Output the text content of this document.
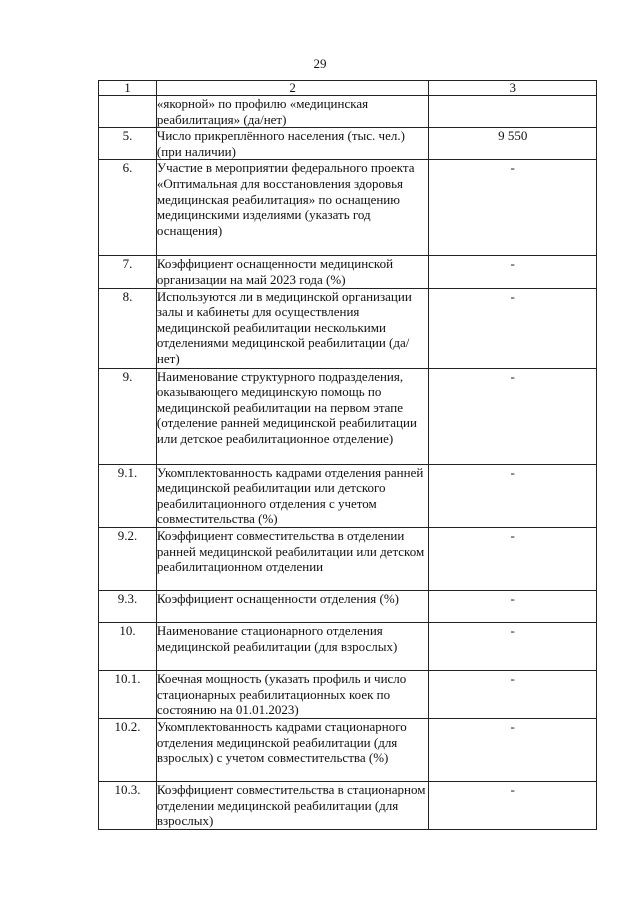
29
1	2	3
	«якорной» по профилю «медицинская реабилитация» (да/нет)	
5.	Число прикреплённого населения (тыс. чел.) (при наличии)	9 550
6.	Участие в мероприятии федерального проекта «Оптимальная для восстановления здоровья медицинская реабилитация» по оснащению медицинскими изделиями (указать год оснащения)	-
7.	Коэффициент оснащенности медицинской организации на май 2023 года (%)	-
8.	Используются ли в медицинской организации залы и кабинеты для осуществления медицинской реабилитации несколькими отделениями медицинской реабилитации (да/нет)	-
9.	Наименование структурного подразделения, оказывающего медицинскую помощь по медицинской реабилитации на первом этапе (отделение ранней медицинской реабилитации или детское реабилитационное отделение)	-
9.1.	Укомплектованность кадрами отделения ранней медицинской реабилитации или детского реабилитационного отделения с учетом совместительства (%)	-
9.2.	Коэффициент совместительства в отделении ранней медицинской реабилитации или детском реабилитационном отделении	-
9.3.	Коэффициент оснащенности отделения (%)	-
10.	Наименование стационарного отделения медицинской реабилитации (для взрослых)	-
10.1.	Коечная мощность (указать профиль и число стационарных реабилитационных коек по состоянию на 01.01.2023)	-
10.2.	Укомплектованность кадрами стационарного отделения медицинской реабилитации (для взрослых) с учетом совместительства (%)	-
10.3.	Коэффициент совместительства в стационарном отделении медицинской реабилитации (для взрослых)	-
